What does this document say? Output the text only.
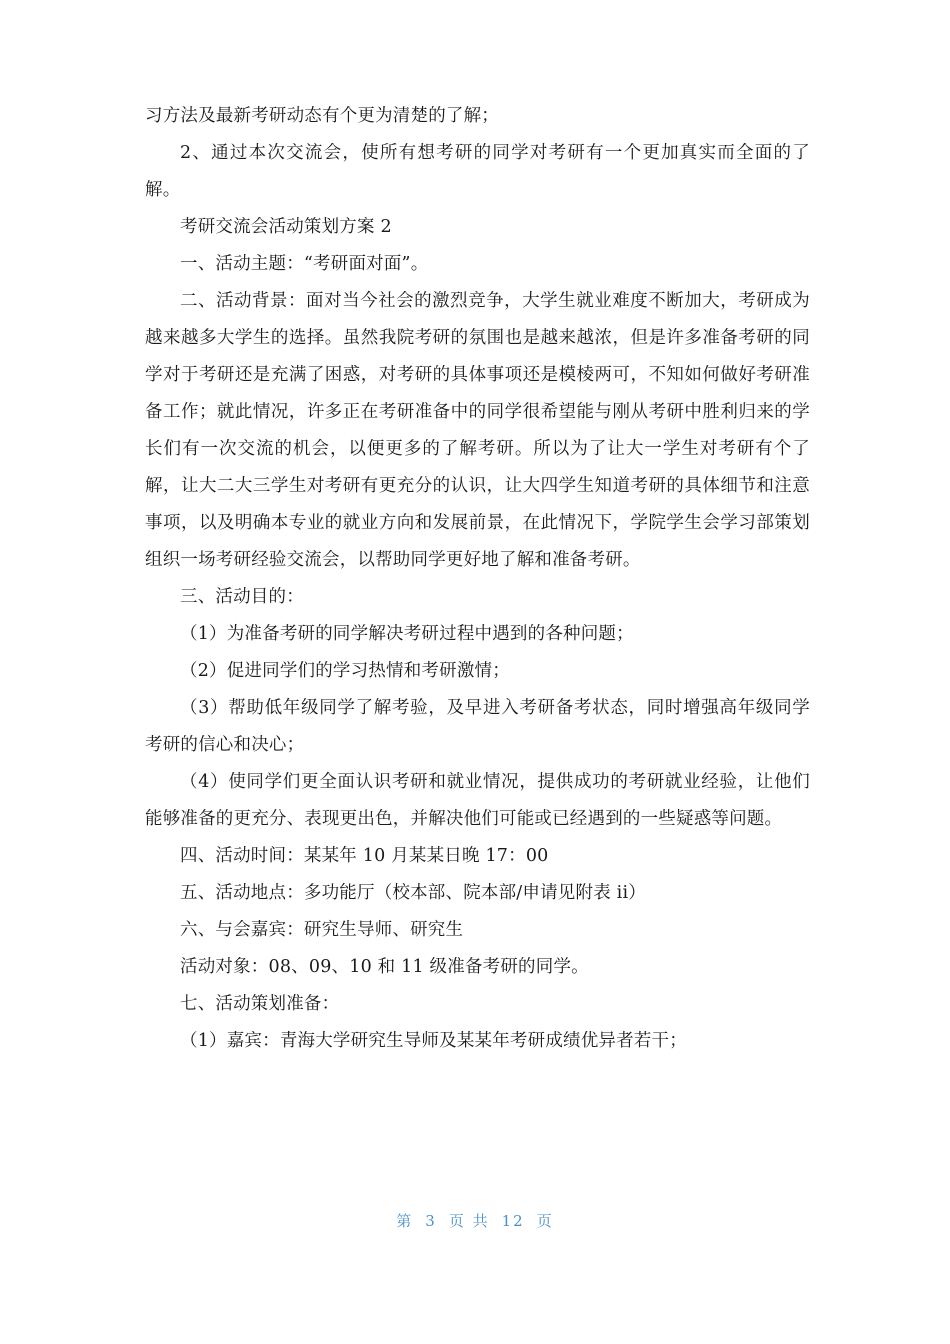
习方法及最新考研动态有个更为清楚的了解；

2、通过本次交流会，使所有想考研的同学对考研有一个更加真实而全面的了解。

考研交流会活动策划方案 2

一、活动主题：“考研面对面”。

二、活动背景：面对当今社会的激烈竞争，大学生就业难度不断加大，考研成为越来越多大学生的选择。虽然我院考研的氛围也是越来越浓，但是许多准备考研的同学对于考研还是充满了困惑，对考研的具体事项还是模棱两可，不知如何做好考研准备工作；就此情况，许多正在考研准备中的同学很希望能与刚从考研中胜利归来的学长们有一次交流的机会，以便更多的了解考研。所以为了让大一学生对考研有个了解，让大二大三学生对考研有更充分的认识，让大四学生知道考研的具体细节和注意事项，以及明确本专业的就业方向和发展前景，在此情况下，学院学生会学习部策划组织一场考研经验交流会，以帮助同学更好地了解和准备考研。

三、活动目的：

（1）为准备考研的同学解决考研过程中遇到的各种问题；

（2）促进同学们的学习热情和考研激情；

（3）帮助低年级同学了解考验，及早进入考研备考状态，同时增强高年级同学考研的信心和决心；

（4）使同学们更全面认识考研和就业情况，提供成功的考研就业经验，让他们能够准备的更充分、表现更出色，并解决他们可能或已经遇到的一些疑惑等问题。

四、活动时间：某某年 10 月某某日晚 17：00

五、活动地点：多功能厅（校本部、院本部/申请见附表 ii）

六、与会嘉宾：研究生导师、研究生

活动对象：08、09、10 和 11 级准备考研的同学。

七、活动策划准备：

（1）嘉宾：青海大学研究生导师及某某年考研成绩优异者若干；

第 3 页 共 12 页
